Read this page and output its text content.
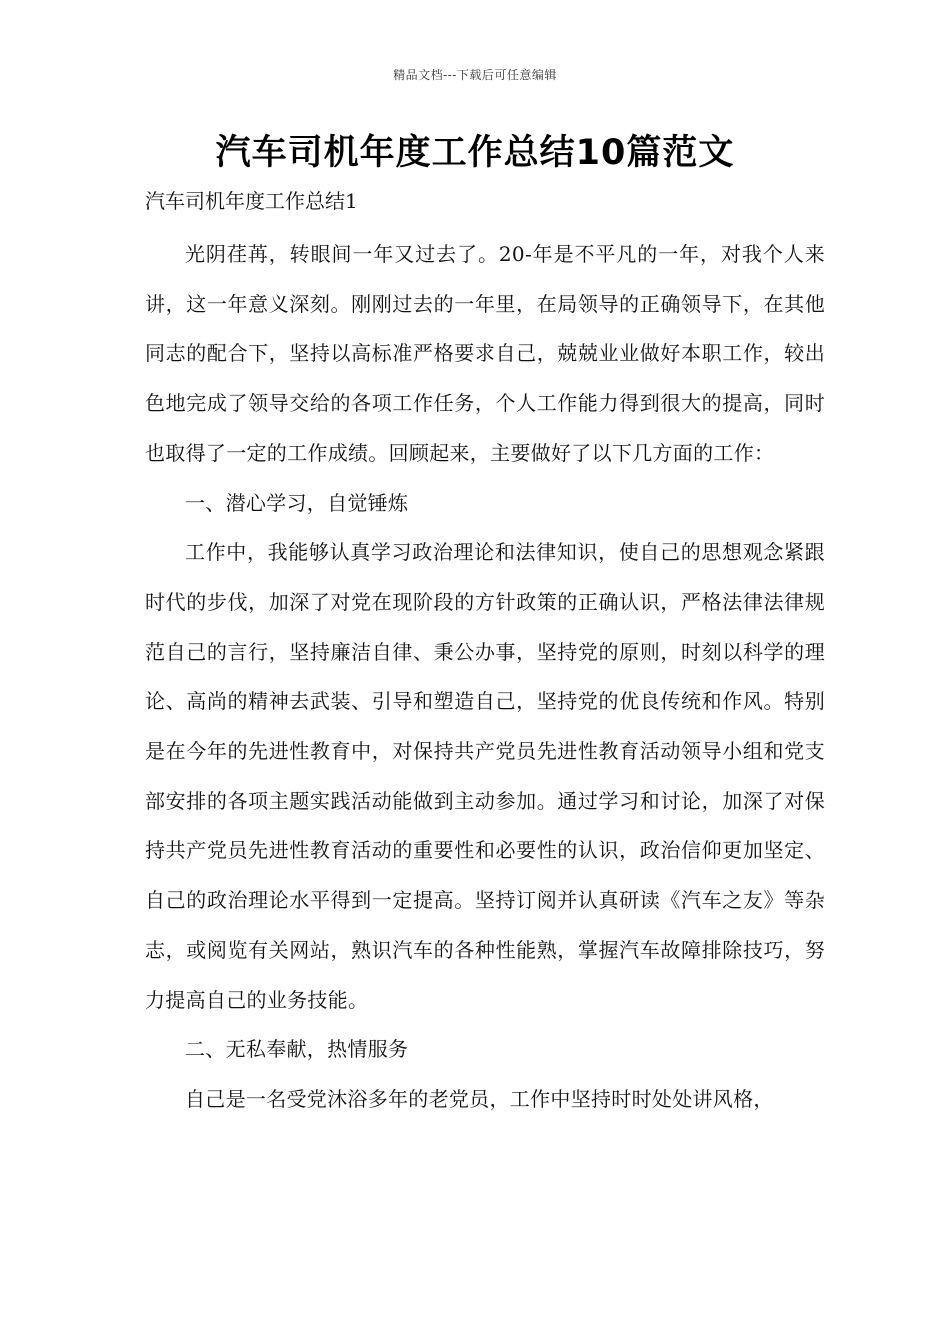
精品文档---下载后可任意编辑
汽车司机年度工作总结10篇范文
汽车司机年度工作总结1

光阴荏苒，转眼间一年又过去了。20-年是不平凡的一年，对我个人来讲，这一年意义深刻。刚刚过去的一年里，在局领导的正确领导下，在其他同志的配合下，坚持以高标准严格要求自己，兢兢业业做好本职工作，较出色地完成了领导交给的各项工作任务，个人工作能力得到很大的提高，同时也取得了一定的工作成绩。回顾起来，主要做好了以下几方面的工作：

一、潜心学习，自觉锤炼

工作中，我能够认真学习政治理论和法律知识，使自己的思想观念紧跟时代的步伐，加深了对党在现阶段的方针政策的正确认识，严格法律法律规范自己的言行，坚持廉洁自律、秉公办事，坚持党的原则，时刻以科学的理论、高尚的精神去武装、引导和塑造自己，坚持党的优良传统和作风。特别是在今年的先进性教育中，对保持共产党员先进性教育活动领导小组和党支部安排的各项主题实践活动能做到主动参加。通过学习和讨论，加深了对保持共产党员先进性教育活动的重要性和必要性的认识，政治信仰更加坚定、自己的政治理论水平得到一定提高。坚持订阅并认真研读《汽车之友》等杂志，或阅览有关网站，熟识汽车的各种性能熟，掌握汽车故障排除技巧，努力提高自己的业务技能。

二、无私奉献，热情服务

自己是一名受党沐浴多年的老党员，工作中坚持时时处处讲风格，
